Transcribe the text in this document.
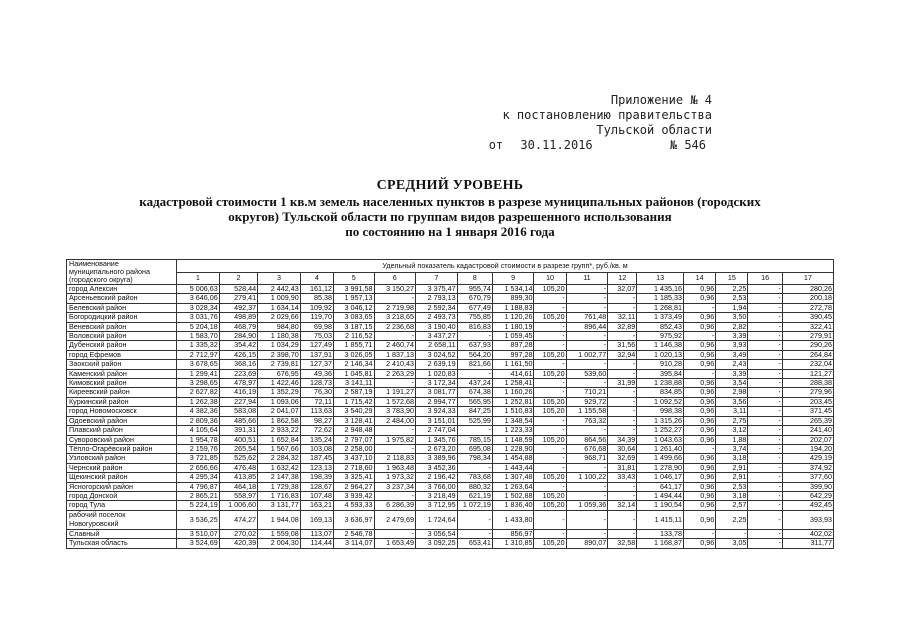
Приложение № 4
к постановлению правительства
Тульской области
от 30.11.2016	№ 546
СРЕДНИЙ УРОВЕНЬ
кадастровой стоимости 1 кв.м земель населенных пунктов в разрезе муниципальных районов (городских
округов) Тульской области по группам видов разрешенного использования
по состоянию на 1 января 2016 года
Наименование муниципального района (городского округа)	Удельный показатель кадастровой стоимости в разрезе групп*, руб./кв. м																
	1	2	3	4	5	6	7	8	9	10	11	12	13	14	15	16	17
город Алексин	5 006,63	528,44	2 442,43	161,12	3 991,58	3 150,27	3 375,47	955,74	1 534,14	105,20	-	32,07	1 435,16	0,96	2,25	-	280,26
Арсеньевский район	3 646,06	279,41	1 009,90	85,38	1 957,13	-	2 793,13	670,79	899,30	-	-	-	1 185,33	0,96	2,53	-	200,18
Белевский район	3 028,34	492,37	1 634,14	109,92	3 046,12	2 719,98	2 592,34	677,49	1 188,83	-	-	-	1 268,81	-	1,94	-	272,78
Богородицкий район	3 031,76	498,89	2 029,66	119,70	3 083,65	3 218,65	2 493,73	755,85	1 120,26	105,20	761,48	32,11	1 373,49	0,96	3,50	-	390,45
Веневский район	5 204,18	468,79	984,80	69,98	3 187,15	2 236,68	3 190,40	816,83	1 180,19	-	896,44	32,89	852,43	0,96	2,82	-	322,41
Воловский район	1 583,70	284,90	1 180,38	75,03	2 116,52	-	3 437,27	-	1 059,45	-	-	-	975,92	-	3,39	-	279,91
Дубенский район	1 335,32	354,42	1 034,29	127,49	1 855,71	2 460,74	2 658,11	637,93	897,28	-	-	31,56	1 146,38	0,96	3,93	-	290,26
город Ефремов	2 712,97	426,15	2 398,70	137,91	3 026,05	1 837,13	3 024,52	564,20	997,28	105,20	1 002,77	32,94	1 020,13	0,96	3,49	-	264,84
Заокский район	3 678,65	368,16	2 739,81	127,37	2 146,34	2 410,43	2 639,19	821,66	1 161,50	-	-	-	910,28	0,96	2,43	-	232,04
Каменский район	1 299,41	223,69	676,95	49,36	1 045,81	2 263,29	1 020,83	-	414,61	105,20	539,60	-	395,84	-	3,39	-	121,27
Кимовский район	3 298,65	478,97	1 422,46	128,73	3 141,11	-	3 172,34	437,24	1 258,41	-	-	31,99	1 238,88	0,96	3,54	-	288,38
Киреевский район	2 627,82	416,19	1 352,29	76,30	2 587,19	1 191,27	3 081,77	674,38	1 160,26	-	710,21	-	834,85	0,96	2,98	-	279,96
Куркинский район	1 262,38	227,94	1 093,06	72,11	1 715,42	1 572,68	2 994,77	565,95	1 252,81	105,20	929,72	-	1 092,52	0,96	3,56	-	203,45
город Новомосковск	4 382,36	583,08	2 041,07	113,63	3 540,29	3 783,90	3 924,33	847,25	1 510,83	105,20	1 155,58	-	998,38	0,96	3,11	-	371,45
Одоевский район	2 809,36	485,66	1 862,58	98,27	3 128,41	2 484,00	3 151,01	525,99	1 348,54	-	763,32	-	1 315,26	0,96	2,75	-	265,39
Плавский район	4 105,64	391,31	2 933,22	72,62	2 948,48	-	2 747,04	-	1 223,33	-	-	-	1 252,27	0,96	3,12	-	241,40
Суворовский район	1 954,78	400,51	1 652,84	135,24	2 797,07	1 975,82	1 345,76	785,15	1 148,59	105,20	864,56	34,39	1 043,63	0,96	1,88	-	202,07
Тёпло-Огарёвский район	2 159,76	265,54	1 567,66	103,08	2 258,00	-	2 673,20	695,08	1 228,90	-	676,68	30,64	1 261,40	-	3,74	-	194,20
Узловский район	3 721,85	525,62	2 284,32	187,45	3 437,10	2 118,83	3 389,96	798,34	1 454,88	-	968,71	32,69	1 499,66	0,96	3,18	-	429,19
Чернский район	2 656,66	476,48	1 632,42	123,13	2 718,60	1 963,48	3 452,36	-	1 443,44	-	-	31,81	1 278,90	0,96	2,91	-	374,92
Щекинский район	4 295,34	413,85	2 147,38	198,39	3 325,41	1 973,32	2 196,42	783,68	1 307,48	105,20	1 100,22	33,43	1 046,17	0,96	2,91	-	377,60
Ясногорский район	4 796,87	464,18	1 729,38	128,67	2 964,27	3 237,34	3 766,00	880,32	1 263,64	-	-	-	641,17	0,96	2,53	-	399,90
город Донской	2 865,21	558,97	1 716,83	107,48	3 939,42	-	3 218,49	621,19	1 502,88	105,20	-	-	1 494,44	0,96	3,18	-	642,29
город Тула	5 224,19	1 006,60	3 131,77	163,21	4 593,33	6 286,39	3 712,95	1 072,19	1 836,40	105,20	1 059,36	32,14	1 190,54	0,96	2,57	-	492,45
рабочий поселок Новогуровский	3 536,25	474,27	1 944,08	169,13	3 636,97	2 479,69	1 724,64	-	1 433,80	-	-	-	1 415,11	0,96	2,25	-	393,93
Славный	3 510,07	270,02	1 559,08	113,07	2 546,78	-	3 056,54	-	856,97	-	-	-	133,78	-	-	-	402,02
Тульская область	3 524,69	420,39	2 004,30	114,44	3 114,07	1 653,49	3 092,25	653,41	1 310,85	105,20	890,07	32,58	1 168,87	0,96	3,05	-	311,77
